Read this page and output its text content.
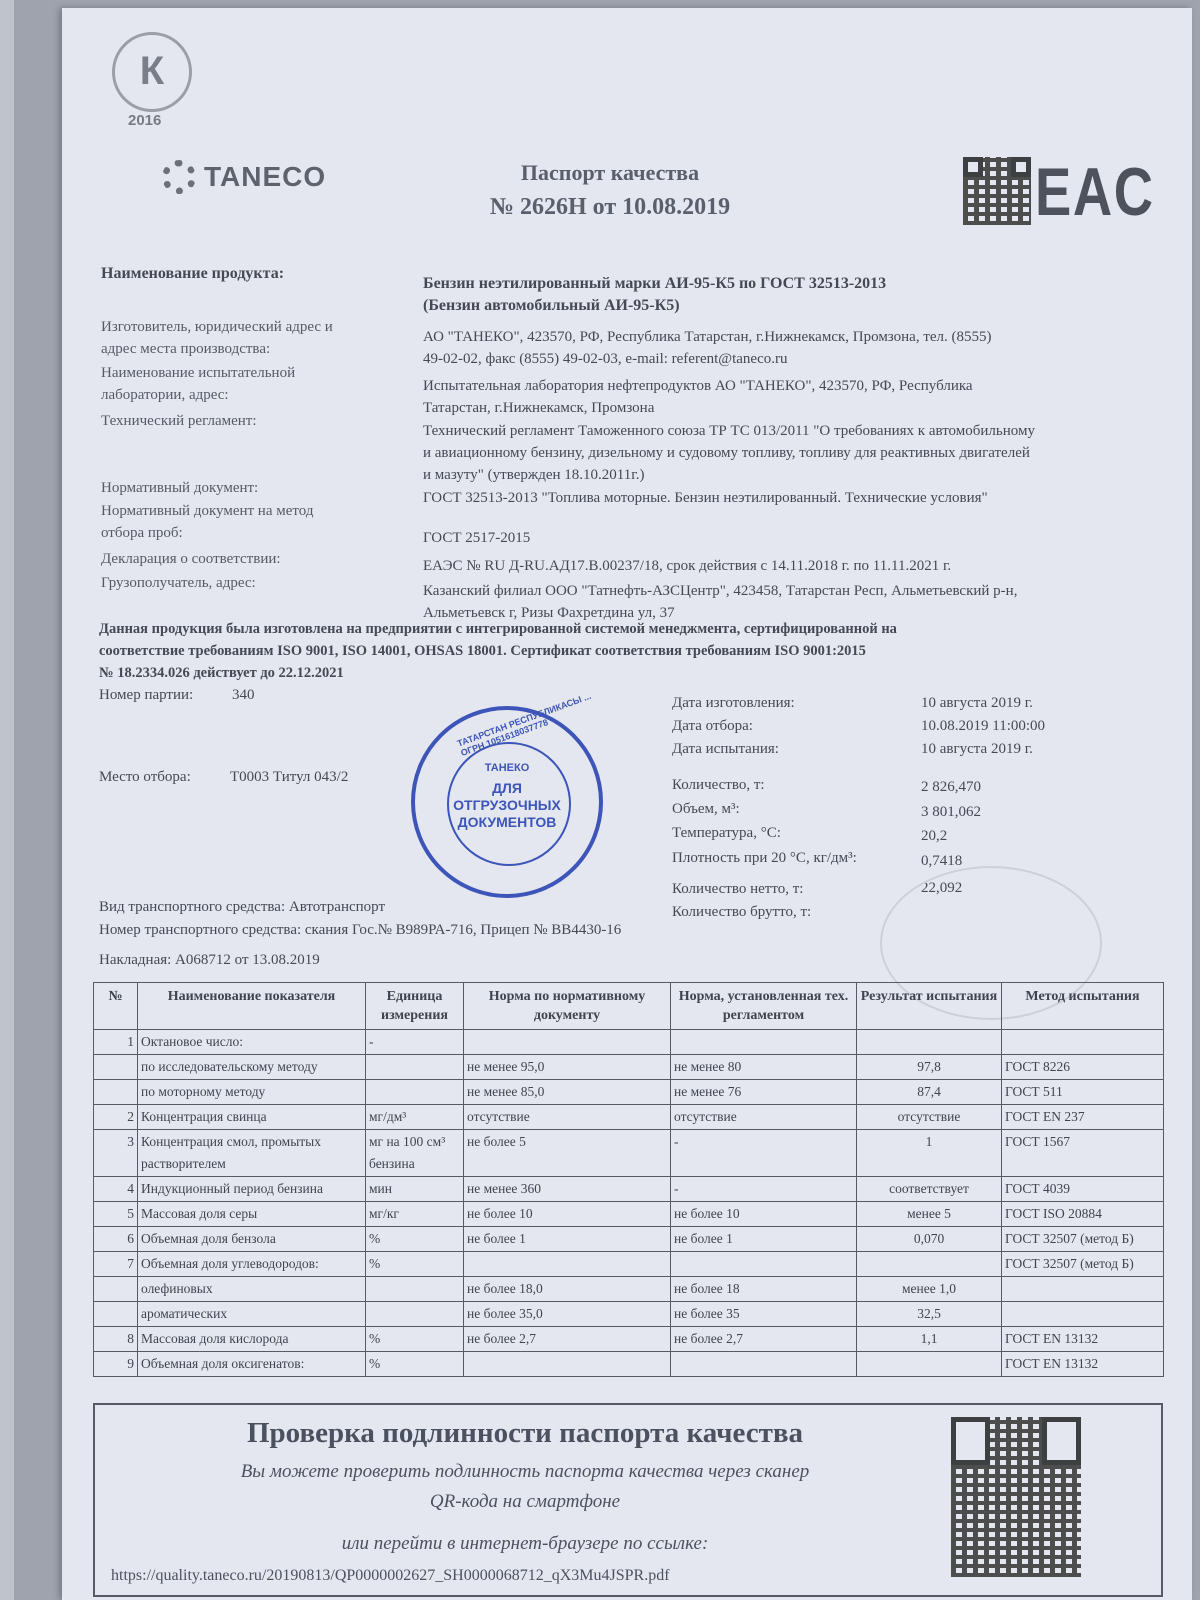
К
2016
TANECO	Паспорт качества
№ 2626Н от 10.08.2019	EAC
Наименование продукта:
Бензин неэтилированный марки АИ-95-К5 по ГОСТ 32513-2013
(Бензин автомобильный АИ-95-К5)
Изготовитель, юридический адрес и
адрес места производства:
АО "ТАНЕКО", 423570, РФ, Республика Татарстан, г.Нижнекамск, Промзона, тел. (8555)
49-02-02, факс (8555) 49-02-03, e-mail: referent@taneco.ru
Наименование испытательной
лаборатории, адрес:
Испытательная лаборатория нефтепродуктов АО "ТАНЕКО", 423570, РФ, Республика
Татарстан, г.Нижнекамск, Промзона
Технический регламент:
Технический регламент Таможенного союза ТР ТС 013/2011 "О требованиях к автомобильному
и авиационному бензину, дизельному и судовому топливу, топливу для реактивных двигателей
и мазуту" (утвержден 18.10.2011г.)
Нормативный документ:
ГОСТ 32513-2013 "Топлива моторные. Бензин неэтилированный. Технические условия"
Нормативный документ на метод
отбора проб:	ГОСТ 2517-2015
Декларация о соответствии:	ЕАЭС № RU Д-RU.АД17.В.00237/18, срок действия с 14.11.2018 г. по 11.11.2021 г.
Грузополучатель, адрес:	Казанский филиал ООО "Татнефть-АЗСЦентр", 423458, Татарстан Респ, Альметьевский р-н,
Альметьевск г, Ризы Фахретдина ул, 37
Данная продукция была изготовлена на предприятии с интегрированной системой менеджмента, сертифицированной на
соответствие требованиям ISO 9001, ISO 14001, OHSAS 18001. Сертификат соответствия требованиям ISO 9001:2015
№ 18.2334.026 действует до 22.12.2021
Номер партии:	340
Место отбора:	Т0003 Титул 043/2
Вид транспортного средства: Автотранспорт
Номер транспортного средства: скания Гос.№ В989РА-716, Прицеп № ВВ4430-16
Накладная: А068712 от 13.08.2019
Дата изготовления:	10 августа 2019 г.
Дата отбора:	10.08.2019 11:00:00
Дата испытания:	10 августа 2019 г.
Количество, т:	2 826,470
Объем, м³:	3 801,062
Температура, °С:	20,2
Плотность при 20 °С, кг/дм³:	0,7418
Количество нетто, т:	22,092
Количество брутто, т:
ТАТАРСТАН РЕСПУБЛИКАСЫ ... ОГРН 1051618037778
ТАНЕКО
ДЛЯ
ОТГРУЗОЧНЫХ
ДОКУМЕНТОВ
№	Наименование показателя	Единица измерения	Норма по нормативному документу	Норма, установленная тех. регламентом	Результат испытания	Метод испытания
1	Октановое число:	-				
	по исследовательскому методу		не менее 95,0	не менее 80	97,8	ГОСТ 8226
	по моторному методу		не менее 85,0	не менее 76	87,4	ГОСТ 511
2	Концентрация свинца	мг/дм³	отсутствие	отсутствие	отсутствие	ГОСТ EN 237
3	Концентрация смол, промытых растворителем	мг на 100 см³ бензина	не более 5	-	1	ГОСТ 1567
4	Индукционный период бензина	мин	не менее 360	-	соответствует	ГОСТ 4039
5	Массовая доля серы	мг/кг	не более 10	не более 10	менее 5	ГОСТ ISO 20884
6	Объемная доля бензола	%	не более 1	не более 1	0,070	ГОСТ 32507 (метод Б)
7	Объемная доля углеводородов:	%				ГОСТ 32507 (метод Б)
	олефиновых		не более 18,0	не более 18	менее 1,0	
	ароматических		не более 35,0	не более 35	32,5	
8	Массовая доля кислорода	%	не более 2,7	не более 2,7	1,1	ГОСТ EN 13132
9	Объемная доля оксигенатов:	%				ГОСТ EN 13132
Проверка подлинности паспорта качества
Вы можете проверить подлинность паспорта качества через сканер
QR-кода на смартфоне
или перейти в интернет-браузере по ссылке:
https://quality.taneco.ru/20190813/QP0000002627_SH0000068712_qX3Mu4JSPR.pdf
